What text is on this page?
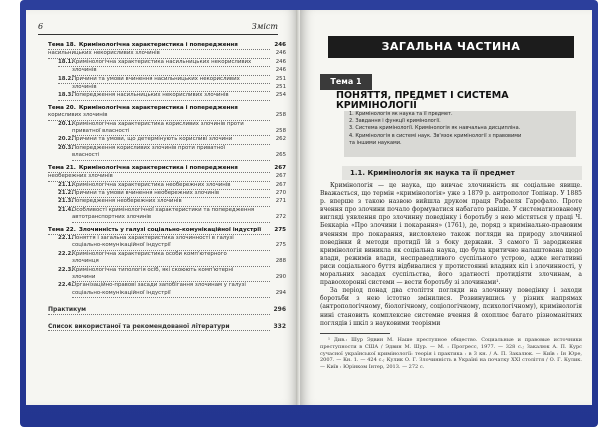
6	Зміст
Тема 18. Кримінологічна характеристика і попередження	246
насильницьких некорисливих злочинів	246
18.1.Кримінологічна характеристика насильницьких некорисливих	246
злочинів	246
18.2.Причини та умови вчинення насильницьких некорисливих	251
злочинів	251
18.3.Попередження насильницьких некорисливих злочинів	254
Тема 20. Кримінологічна характеристика і попередження
корисливих злочинів	258
20.1.Кримінологічна характеристика корисливих злочинів проти
приватної власності	258
20.2.Причини та умови, що детермінують корисливі злочини	262
20.3.Попередження корисливих злочинів проти приватної
власності	265
Тема 21. Кримінологічна характеристика і попередження	267
необережних злочинів	267
21.1.Кримінологічна характеристика необережних злочинів	267
21.2.Причини та умови вчинення необережних злочинів	270
21.3.Попередження необережних злочинів	271
21.4.Особливості кримінологічної характеристики та попередження
автотранспортних злочинів	272
Тема 22. Злочинність у галузі соціально-комунікаційної індустрії	275
22.1.Поняття і загальна характеристика злочинності в галузі
соціально-комунікаційної індустрії	275
22.2.Кримінологічна характеристика особи комп'ютерного
злочинця	288
22.3.Кримінологічна типологія осіб, які скоюють комп'ютерні
злочини	290
22.4.Організаційно-правові засади запобігання злочинам у галузі
соціально-комунікаційної індустрії	294
Практикум	296
Список використаної та рекомендованої літератури	332
ЗАГАЛЬНА ЧАСТИНА
Тема 1
ПОНЯТТЯ, ПРЕДМЕТ І СИСТЕМА КРИМІНОЛОГІЇ
1. Кримінологія як наука та її предмет.
2. Завдання і функції кримінології.
3. Система кримінології. Кримінологія як навчальна дисципліна.
4. Кримінологія в системі наук. Зв'язок кримінології з правовими
та іншими науками.
1.1. Кримінологія як наука та її предмет

Кримінологія — це наука, що вивчає злочинність як соціальне явище. Вважається, що термін «кримінологія» уже з 1879 р. антрополог Топінар. У 1885 р. вперше з такою назвою вийшла друком праця Рафаеля Гарофало. Проте вчення про злочини почало формуватися набагато раніше. У систематизованому вигляді уявлення про злочинну поведінку і боротьбу з нею містяться у праці Ч. Беккаріа «Про злочини і покарання» (1761), де, поряд з кримінально-правовим вченням про покарання, висловлено також погляди на природу злочинної поведінки й методи протидії їй з боку держави. З самого її зародження кримінологія виникла як соціальна наука, що була критично налаштована щодо влади, режимів влади, несправедливого суспільного устрою, адже негативні риси соціального буття відбивалися у протистоянні владних кіл і злочинності, у моральних засадах суспільства, його здатності протидіяти злочинам, а правоохоронні системи — вести боротьбу зі злочинами¹.

За період понад два століття погляди на злочинну поведінку і заходи боротьби з нею істотно змінилися. Розвинувшись у різних напрямах (антропологічному, біологічному, соціологічному, психологічному), кримінологія нині становить комплексне системне вчення й охоплює багато різноманітних поглядів і шкіл з науковими теоріями

¹ Див.: Шур Эдвин М. Наше преступное общество. Социальные и правовые источники преступности в США / Эдвин М. Шур. — М. : Прогресс, 1977. — 328 с.; Закалюк А. П. Курс сучасної української кримінології: теорія і практика : в 3 кн. / А. П. Закалюк. — Київ : Ін Юре, 2007. — Кн. 1. — 424 с.; Кулик О. Г. Злочинність в Україні на початку XXI століття / О. Г. Кулик. — Київ : Юрінком Інтер, 2013. — 272 с.
